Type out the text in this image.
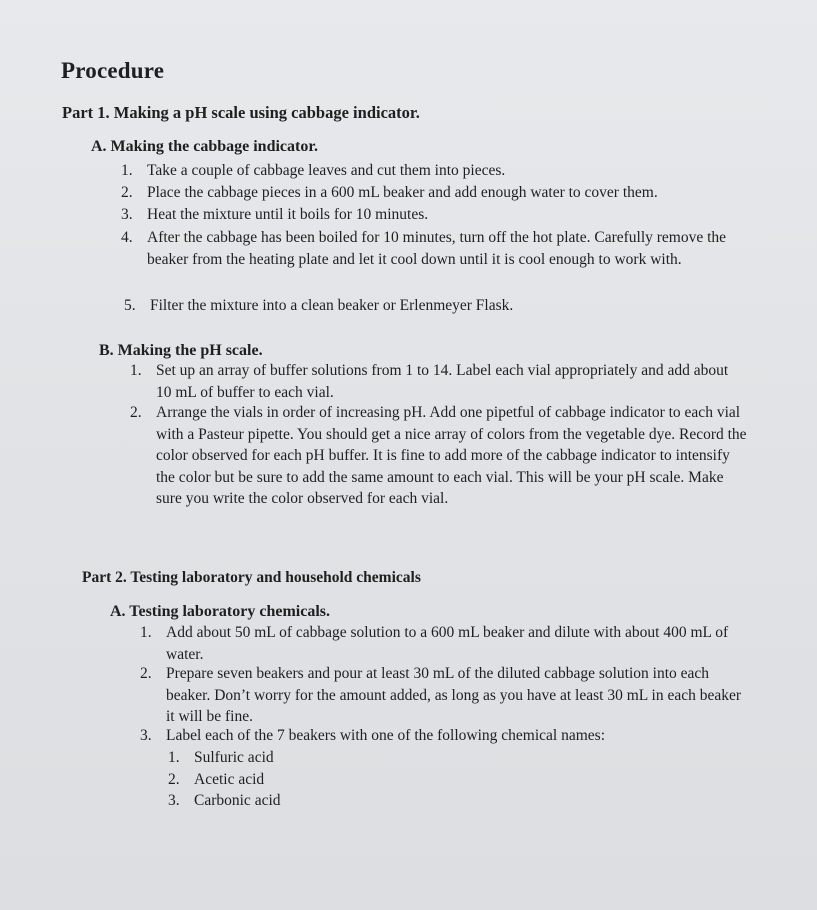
Procedure
Part 1. Making a pH scale using cabbage indicator.
A. Making the cabbage indicator.
1. Take a couple of cabbage leaves and cut them into pieces.
2. Place the cabbage pieces in a 600 mL beaker and add enough water to cover them.
3. Heat the mixture until it boils for 10 minutes.
4. After the cabbage has been boiled for 10 minutes, turn off the hot plate. Carefully remove the beaker from the heating plate and let it cool down until it is cool enough to work with.
5. Filter the mixture into a clean beaker or Erlenmeyer Flask.
B. Making the pH scale.
1. Set up an array of buffer solutions from 1 to 14. Label each vial appropriately and add about 10 mL of buffer to each vial.
2. Arrange the vials in order of increasing pH. Add one pipetful of cabbage indicator to each vial with a Pasteur pipette. You should get a nice array of colors from the vegetable dye. Record the color observed for each pH buffer. It is fine to add more of the cabbage indicator to intensify the color but be sure to add the same amount to each vial. This will be your pH scale. Make sure you write the color observed for each vial.
Part 2. Testing laboratory and household chemicals
A. Testing laboratory chemicals.
1. Add about 50 mL of cabbage solution to a 600 mL beaker and dilute with about 400 mL of water.
2. Prepare seven beakers and pour at least 30 mL of the diluted cabbage solution into each beaker. Don’t worry for the amount added, as long as you have at least 30 mL in each beaker it will be fine.
3. Label each of the 7 beakers with one of the following chemical names:
1. Sulfuric acid
2. Acetic acid
3. Carbonic acid
